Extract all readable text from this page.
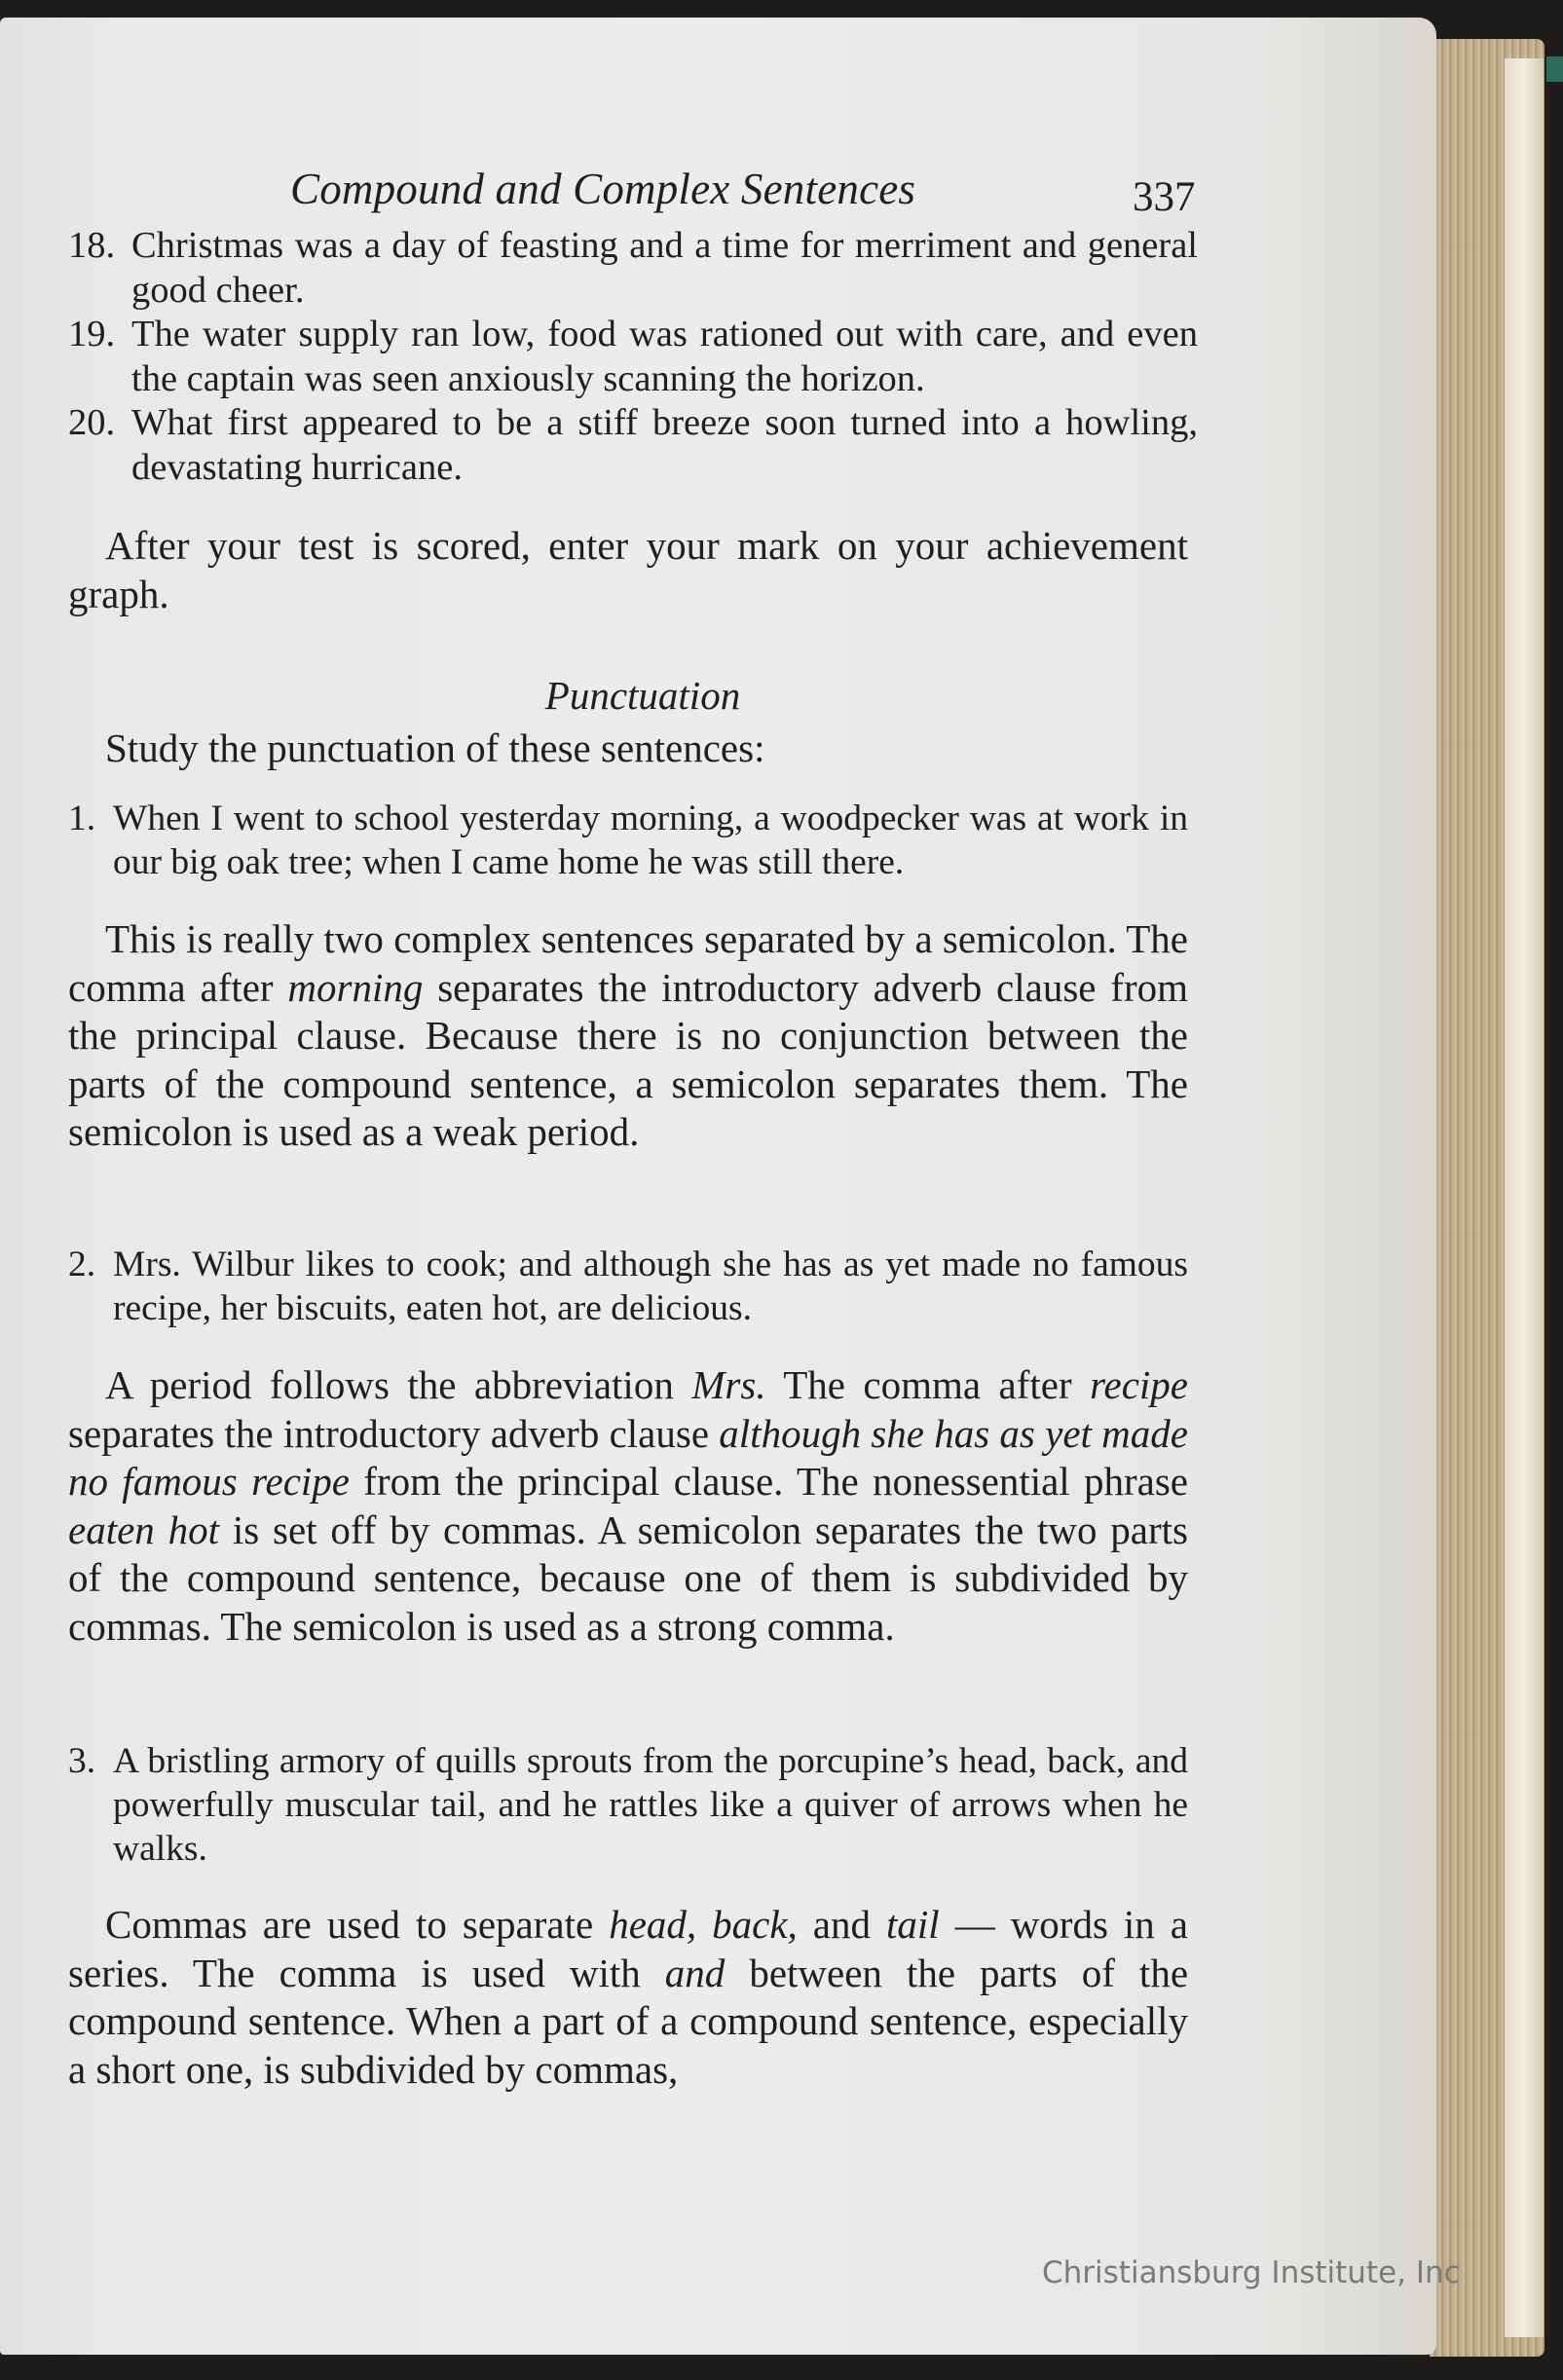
Compound and Complex Sentences	337
18. Christmas was a day of feasting and a time for merriment and general good cheer.
19. The water supply ran low, food was rationed out with care, and even the captain was seen anxiously scanning the horizon.
20. What first appeared to be a stiff breeze soon turned into a howling, devastating hurricane.
After your test is scored, enter your mark on your achievement graph.
Punctuation
Study the punctuation of these sentences:
1. When I went to school yesterday morning, a woodpecker was at work in our big oak tree; when I came home he was still there.
This is really two complex sentences separated by a semicolon. The comma after morning separates the introductory adverb clause from the principal clause. Because there is no conjunction between the parts of the compound sentence, a semicolon separates them. The semicolon is used as a weak period.
2. Mrs. Wilbur likes to cook; and although she has as yet made no famous recipe, her biscuits, eaten hot, are delicious.
A period follows the abbreviation Mrs. The comma after recipe separates the introductory adverb clause although she has as yet made no famous recipe from the principal clause. The nonessential phrase eaten hot is set off by commas. A semicolon separates the two parts of the compound sentence, because one of them is subdivided by commas. The semicolon is used as a strong comma.
3. A bristling armory of quills sprouts from the porcupine’s head, back, and powerfully muscular tail, and he rattles like a quiver of arrows when he walks.
Commas are used to separate head, back, and tail — words in a series. The comma is used with and between the parts of the compound sentence. When a part of a compound sentence, especially a short one, is subdivided by commas,
Christiansburg Institute, Inc
